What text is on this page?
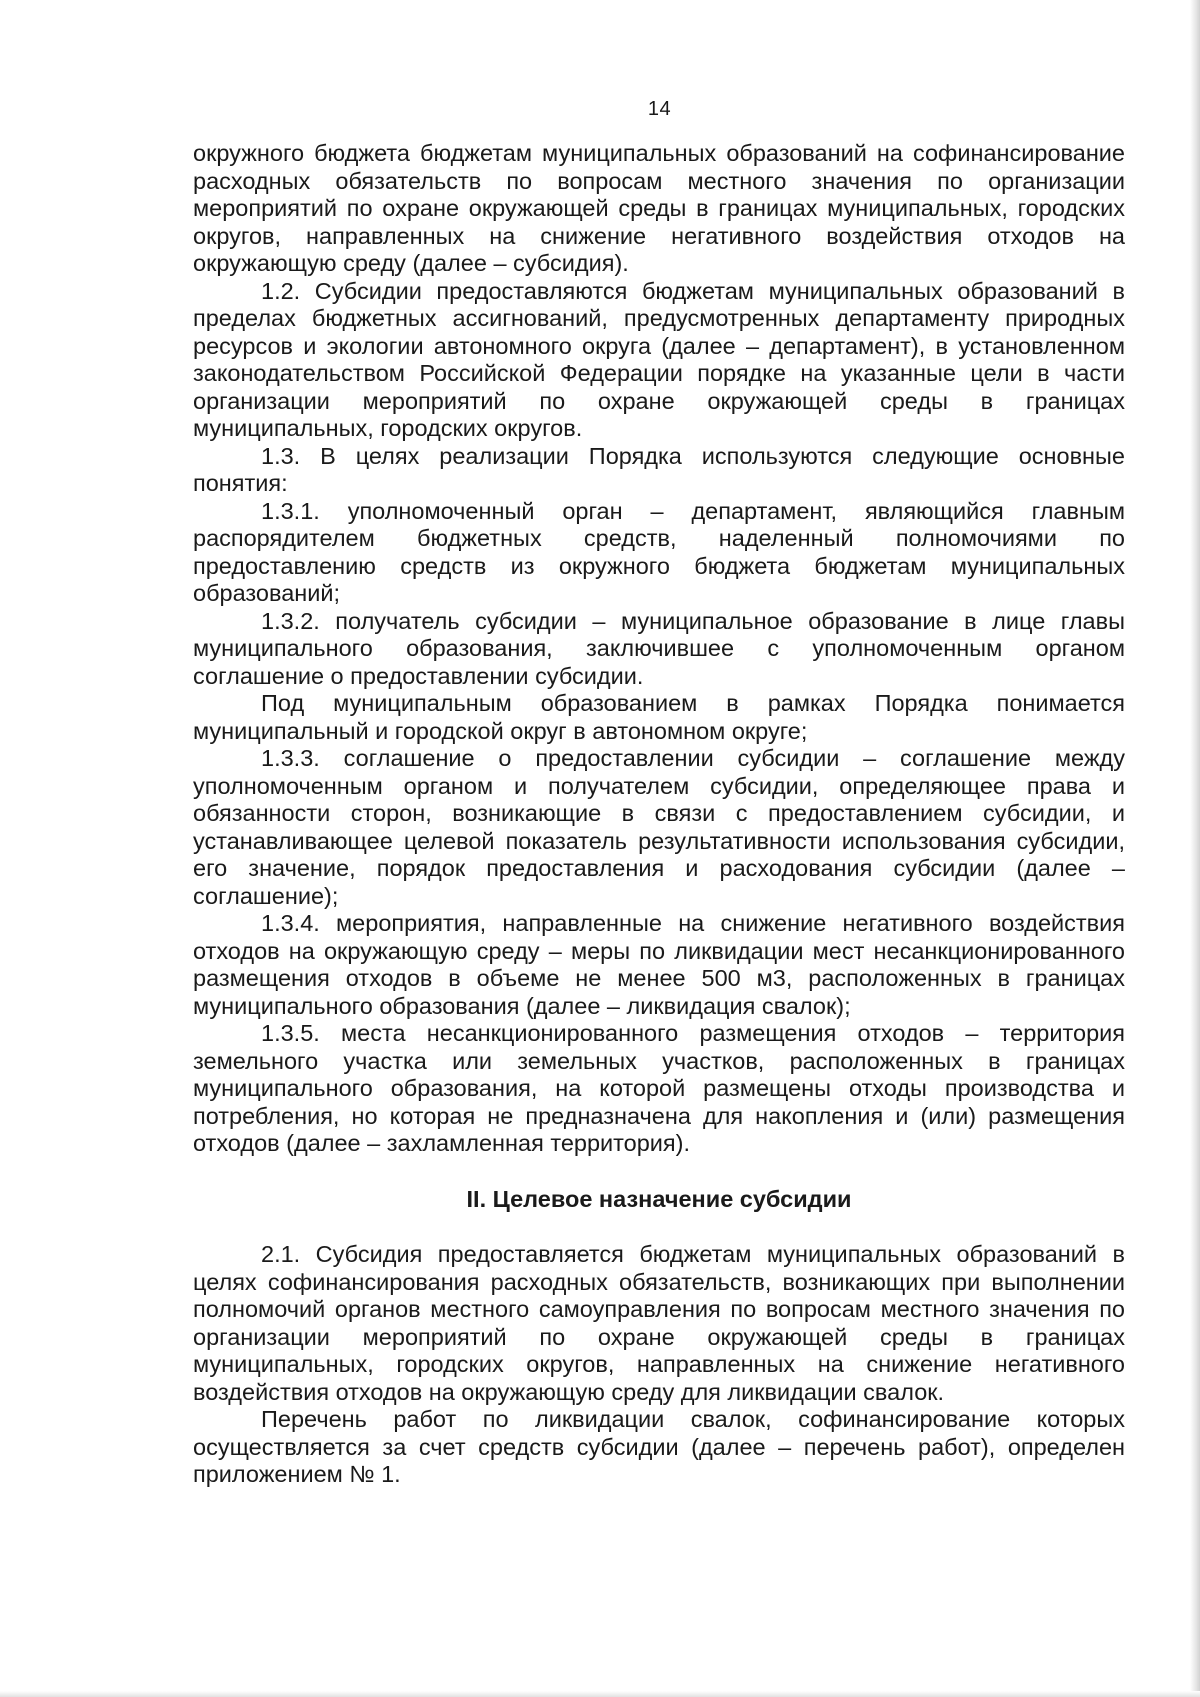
14

окружного бюджета бюджетам муниципальных образований на софинансирование расходных обязательств по вопросам местного значения по организации мероприятий по охране окружающей среды в границах муниципальных, городских округов, направленных на снижение негативного воздействия отходов на окружающую среду (далее – субсидия).

1.2. Субсидии предоставляются бюджетам муниципальных образований в пределах бюджетных ассигнований, предусмотренных департаменту природных ресурсов и экологии автономного округа (далее – департамент), в установленном законодательством Российской Федерации порядке на указанные цели в части организации мероприятий по охране окружающей среды в границах муниципальных, городских округов.

1.3. В целях реализации Порядка используются следующие основные понятия:

1.3.1. уполномоченный орган – департамент, являющийся главным распорядителем бюджетных средств, наделенный полномочиями по предоставлению средств из окружного бюджета бюджетам муниципальных образований;

1.3.2. получатель субсидии – муниципальное образование в лице главы муниципального образования, заключившее с уполномоченным органом соглашение о предоставлении субсидии.

Под муниципальным образованием в рамках Порядка понимается муниципальный и городской округ в автономном округе;

1.3.3. соглашение о предоставлении субсидии – соглашение между уполномоченным органом и получателем субсидии, определяющее права и обязанности сторон, возникающие в связи с предоставлением субсидии, и устанавливающее целевой показатель результативности использования субсидии, его значение, порядок предоставления и расходования субсидии (далее – соглашение);

1.3.4. мероприятия, направленные на снижение негативного воздействия отходов на окружающую среду – меры по ликвидации мест несанкционированного размещения отходов в объеме не менее 500 м3, расположенных в границах муниципального образования (далее – ликвидация свалок);

1.3.5. места несанкционированного размещения отходов – территория земельного участка или земельных участков, расположенных в границах муниципального образования, на которой размещены отходы производства и потребления, но которая не предназначена для накопления и (или) размещения отходов (далее – захламленная территория).

II. Целевое назначение субсидии

2.1. Субсидия предоставляется бюджетам муниципальных образований в целях софинансирования расходных обязательств, возникающих при выполнении полномочий органов местного самоуправления по вопросам местного значения по организации мероприятий по охране окружающей среды в границах муниципальных, городских округов, направленных на снижение негативного воздействия отходов на окружающую среду для ликвидации свалок.

Перечень работ по ликвидации свалок, софинансирование которых осуществляется за счет средств субсидии (далее – перечень работ), определен приложением № 1.
